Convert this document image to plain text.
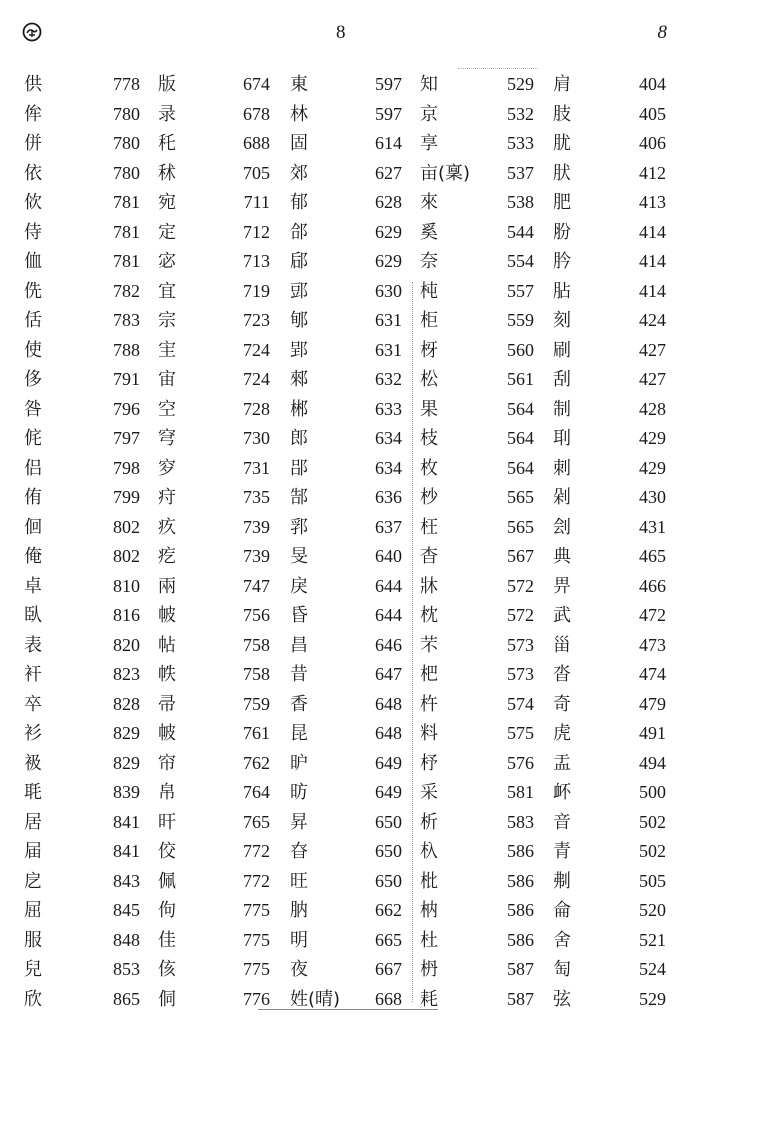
8	8
供	778 版	674 東	597 知	529 肩	404
侔	780 录	678 林	597 京	532 肢	405
併	780 秅	688 固	614 享	533 肬	406
依	780 秫	705 郊	627 亩(稟)	537 肰	412
佽	781 宛	711 郁	628 來	538 肥	413
侍	781 定	712 郃	629 奚	544 肦	414
侐	781 宓	713 郈	629 奈	554 肣	414
侁	782 宜	719 郖	630 杶	557 胋	414
佸	783 宗	723 郇	631 柜	559 刻	424
使	788 宔	724 郢	631 枒	560 刷	427
侈	791 宙	724 郲	632 松	561 刮	427
咎	796 空	728 郴	633 果	564 制	428
侂	797 穹	730 郎	634 枝	564 刵	429
侣	798 穸	731 郘	634 枚	564 刺	429
侑	799 疛	735 郜	636 杪	565 剁	430
佪	802 疚	739 郛	637 枉	565 刽	431
俺	802 疙	739 旻	640 杳	567 典	465
卓	810 兩	747 戾	644 牀	572 畀	466
臥	816 帔	756 昏	644 枕	572 武	472
表	820 帖	758 昌	646 芣	573 甾	473
衦	823 帙	758 昔	647 杷	573 沓	474
卒	828 帚	759 香	648 杵	574 奇	479
衫	829 帔	761 昆	648 料	575 虎	491
衱	829 帘	762 昈	649 杼	576 盂	494
毦	839 帛	764 昉	649 采	581 衃	500
居	841 旰	765 昇	650 析	583 音	502
届	841 佼	772 昚	650 杁	586 青	502
戹	843 佩	772 旺	650 枇	586 刜	505
屈	845 佝	775 肭	662 枘	586 侖	520
服	848 佳	775 明	665 杜	586 舍	521
兒	853 侅	775 夜	667 枬	587 匋	524
欣	865 侗	776 姓(晴)	668 耗	587 弦	529
